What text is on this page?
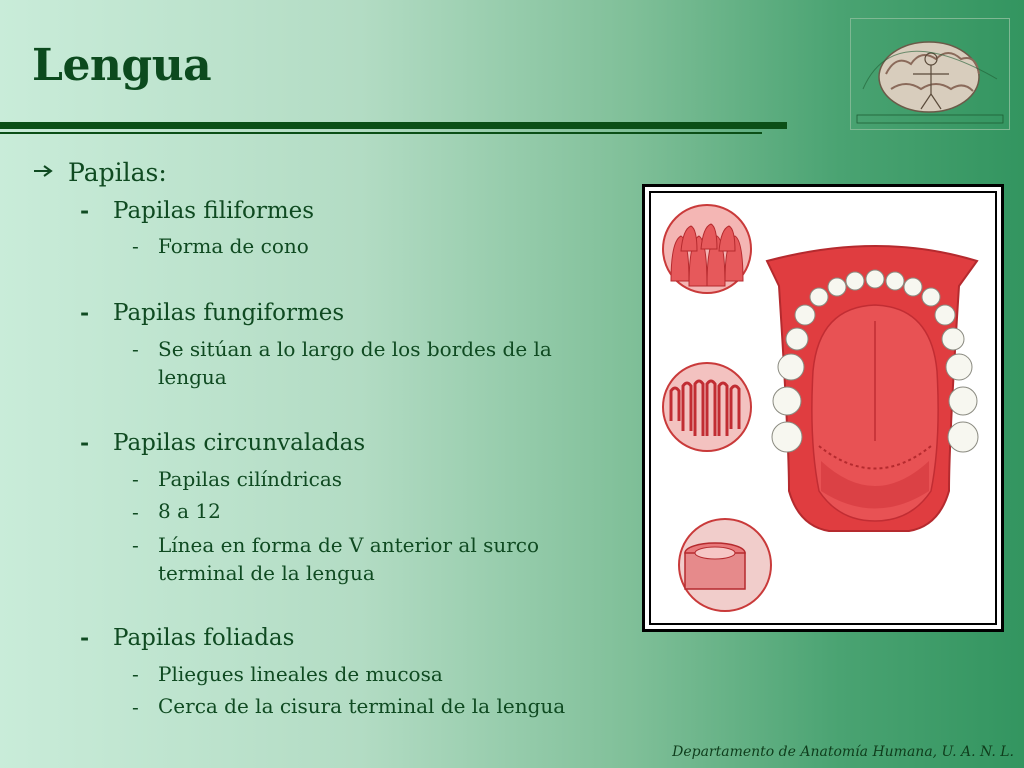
Lengua
Papilas:
- Papilas filiformes
- Forma de cono
- Papilas fungiformes
- Se sitúan a lo largo de los bordes de la
lengua
- Papilas circunvaladas
- Papilas cilíndricas
- 8 a 12
- Línea en forma de V anterior al surco
terminal de la lengua
- Papilas foliadas
- Pliegues lineales de mucosa
- Cerca de la cisura terminal de la lengua
Departamento de Anatomía Humana, U. A. N. L.
